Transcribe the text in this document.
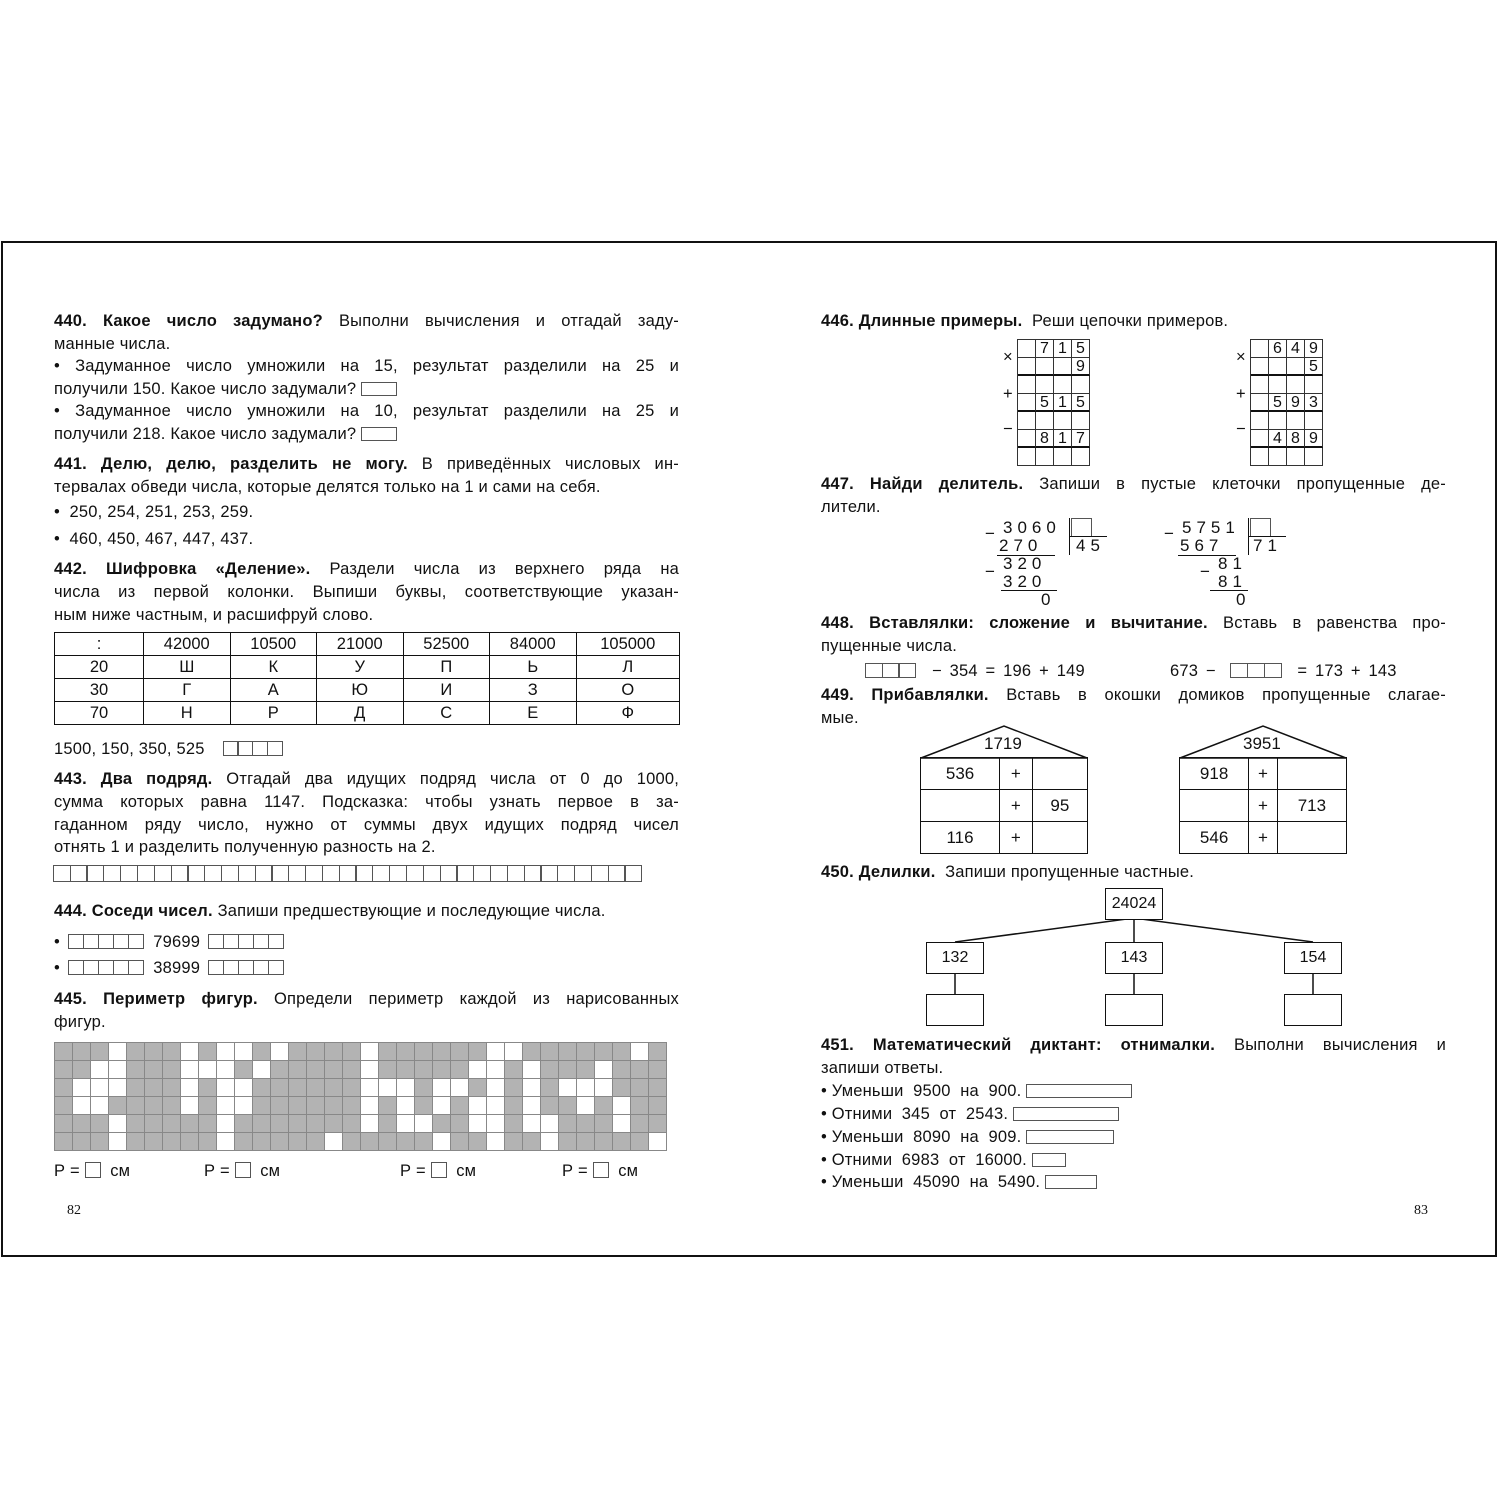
440. Какое число задумано? Выполни вычисления и отгадай заду-
манные числа.
• Задуманное число умножили на 15, результат разделили на 25 и
получили 150. Какое число задумали?
• Задуманное число умножили на 10, результат разделили на 25 и
получили 218. Какое число задумали?
441. Делю, делю, разделить не могу. В приведённых числовых ин-
тервалах обведи числа, которые делятся только на 1 и сами на себя.
•  250, 254, 251, 253, 259.
•  460, 450, 467, 447, 437.
442. Шифровка «Деление». Раздели числа из верхнего ряда на
числа из первой колонки. Выпиши буквы, соответствующие указан-
ным ниже частным, и расшифруй слово.
:	42000	10500	21000	52500	84000	105000
20	Ш	К	У	П	Ь	Л
30	Г	А	Ю	И	З	О
70	Н	Р	Д	С	Е	Ф
1500, 150, 350, 525
443. Два подряд. Отгадай два идущих подряд числа от 0 до 1000,
сумма которых равна 1147. Подсказка: чтобы узнать первое в за-
гаданном ряду число, нужно от суммы двух идущих подряд чисел
отнять 1 и разделить полученную разность на 2.
444. Соседи чисел. Запиши предшествующие и последующие числа.
•	79699
•	38999
445. Периметр фигур. Определи периметр каждой из нарисованных
фигур.
Р = см	Р = см	Р = см	Р = см
82
446. Длинные примеры. Реши цепочки примеров.
×
+
−
7 1 5
9
5 1 5
8 1 7
×
+
−
6 4 9
5
5 9 3
4 8 9
447. Найди делитель. Запиши в пустые клеточки пропущенные де-
лители.
− 3060
270 45
− 320
320
0
− 5751
567 71
− 81
81
0
448. Вставлялки: сложение и вычитание. Вставь в равенства про-
пущенные числа.
− 354 = 196 + 149	673 −	= 173 + 143
449. Прибавлялки. Вставь в окошки домиков пропущенные слагае-
мые.
1719
536	+	
	+	95
116	+	
3951
918	+	
	+	713
546	+	
450. Делилки. Запиши пропущенные частные.
24024
132	143	154
451. Математический диктант: отнималки. Выполни вычисления и
запиши ответы.
• Уменьши  9500  на  900.
• Отними  345  от  2543.
• Уменьши  8090  на  909.
• Отними  6983  от  16000.
• Уменьши  45090  на  5490.
83
